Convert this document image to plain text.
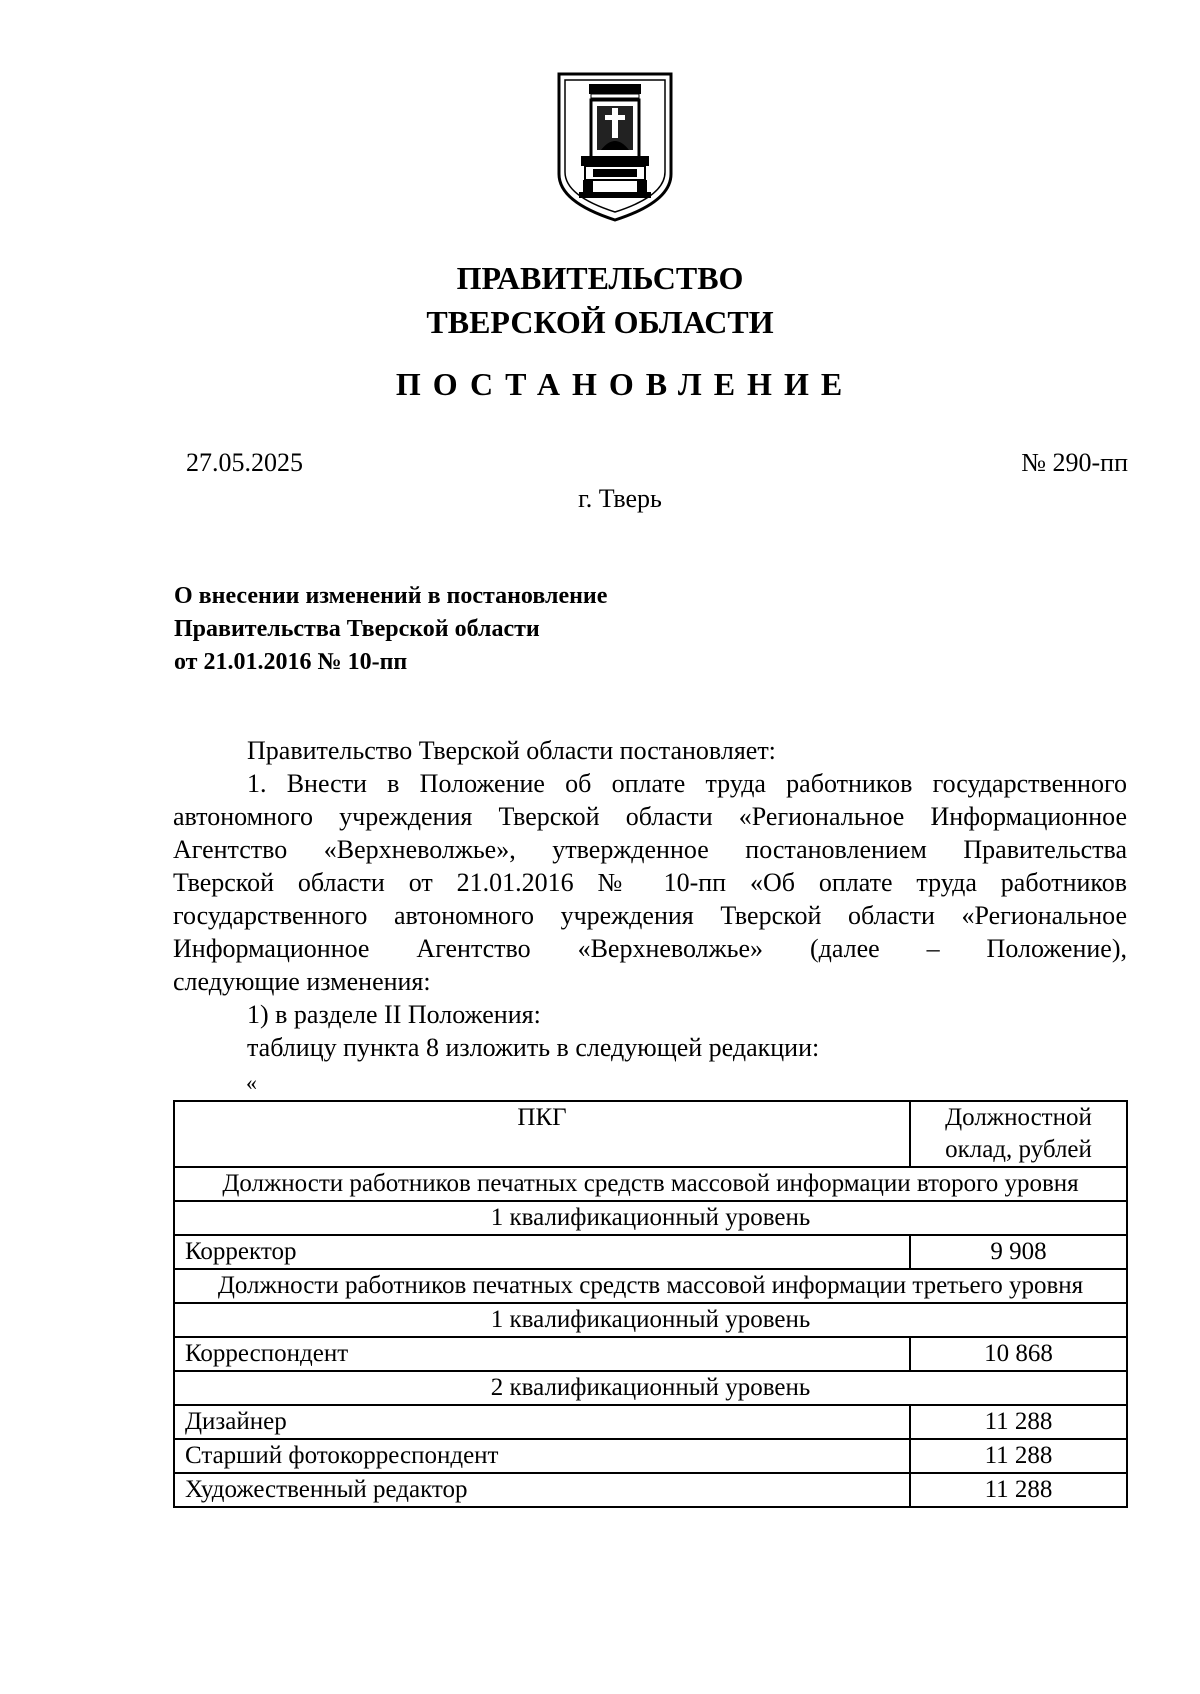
ПРАВИТЕЛЬСТВО
ТВЕРСКОЙ ОБЛАСТИ
ПОСТАНОВЛЕНИЕ
27.05.2025	№ 290-пп
г. Тверь
О внесении изменений в постановление
Правительства Тверской области
от 21.01.2016 № 10-пп
Правительство Тверской области постановляет:
1. Внести в Положение об оплате труда работников государственного
автономного учреждения Тверской области «Региональное Информационное
Агентство «Верхневолжье», утвержденное постановлением Правительства
Тверской области от 21.01.2016 № 10-пп «Об оплате труда работников
государственного автономного учреждения Тверской области «Региональное
Информационное Агентство «Верхневолжье» (далее – Положение),
следующие изменения:
1) в разделе II Положения:
таблицу пункта 8 изложить в следующей редакции:
«
ПКГ	Должностной оклад, рублей
Должности работников печатных средств массовой информации второго уровня	
1 квалификационный уровень	
Корректор	9 908
Должности работников печатных средств массовой информации третьего уровня	
1 квалификационный уровень	
Корреспондент	10 868
2 квалификационный уровень	
Дизайнер	11 288
Старший фотокорреспондент	11 288
Художественный редактор	11 288
